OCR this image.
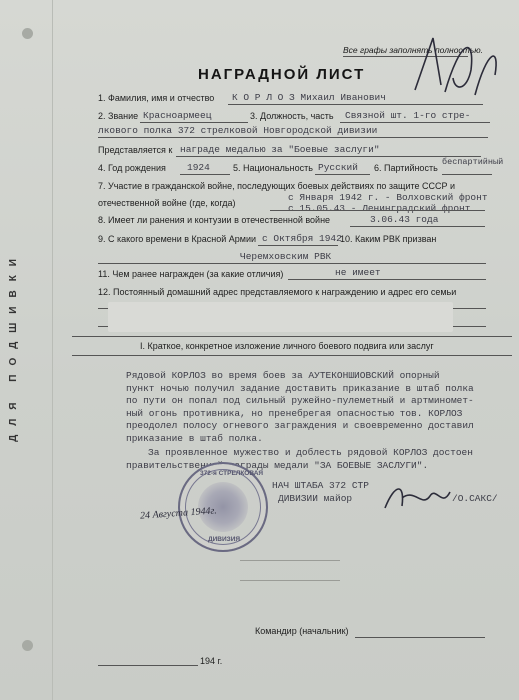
ДЛЯ ПОДШИВКИ
Все графы заполнять полностью.
НАГРАДНОЙ ЛИСТ
1. Фамилия, имя и отчество К О Р Л О З Михаил Иванович
2. Звание Красноармеец	3. Должность, часть Связной шт. 1-го стре-
лкового полка 372 стрелковой Новгородской дивизии
Представляется к награде медалью за "Боевые заслуги"
4. Год рождения 1924	5. Национальность Русский 6. Партийность
беспартийный
7. Участие в гражданской войне, последующих боевых действиях по защите СССР и
с Января 1942 г. - Волховский фронт
отечественной войне (где, когда)	с 15.05.43 - Ленинградский фронт
8. Имеет ли ранения и контузии в отечественной войне	3.06.43 года
9. С какого времени в Красной Армии с Октября 1942
10. Каким РВК призван
Черемховским РВК
11. Чем ранее награжден (за какие отличия)	не имеет
12. Постоянный домашний адрес представляемого к награждению и адрес его семьи
I. Краткое, конкретное изложение личного боевого подвига или заслуг
Рядовой КОРЛОЗ во время боев за АУТЕКОНШИОВСКИЙ опорный
пункт ночью получил задание доставить приказание в штаб полка
по пути он попал под сильный ружейно-пулеметный и артминомет-
ный огонь противника, но пренебрегая опасностью тов. КОРЛОЗ
преодолел полосу огневого заграждения и своевременно доставил
приказание в штаб полка.
За проявленное мужество и доблесть рядовой КОРЛОЗ достоен
правительственной награды медали "ЗА БОЕВЫЕ ЗАСЛУГИ".
372-я СТРЕЛКОВАЯ
ДИВИЗИЯ
НАЧ ШТАБА 372 СТР
ДИВИЗИИ майор	/О.САКС/
24 Августа 1944г.
Командир (начальник)
194 г.
